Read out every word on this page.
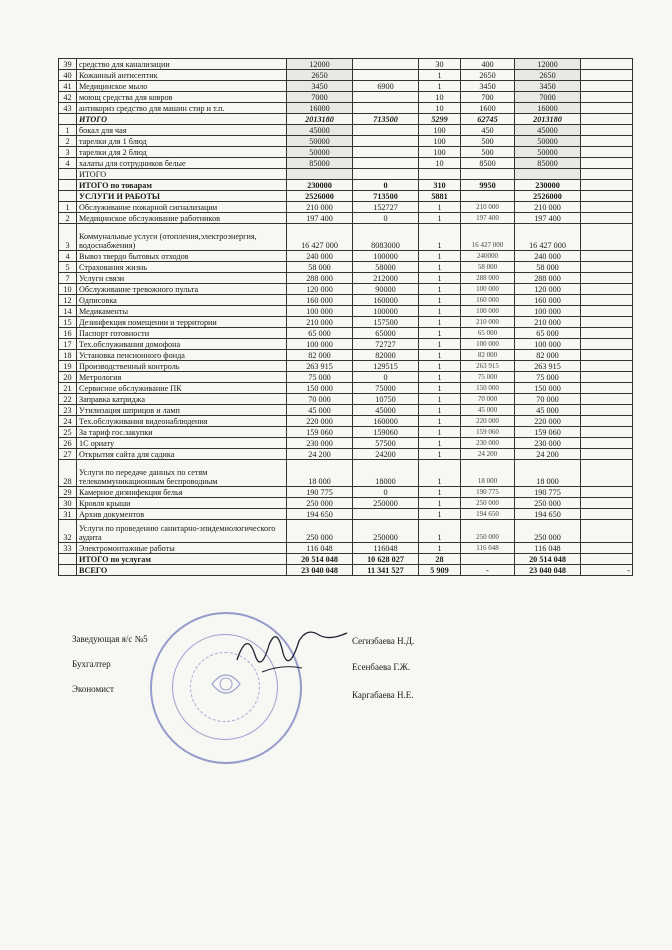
39	средство для канализации	12000		30	400	12000	
40	Кожанный антисептик	2650		1	2650	2650	
41	Медицинское мыло	3450	6900	1	3450	3450	
42	моющ средства для ковров	7000		10	700	7000	
43	антикориз средство для машин стир и т.п.	16000		10	1600	16000	
	ИТОГО	2013180	713500	5299	62745	2013180	
1	бокал для чая	45000		100	450	45000	
2	тарелки для 1 блюд	50000		100	500	50000	
3	тарелки для 2 блюд	50000		100	500	50000	
4	халаты для сотрудников белые	85000		10	8500	85000	
	ИТОГО						
	ИТОГО по товарам	230000	0	310	9950	230000	
	УСЛУГИ И РАБОТЫ	2526000	713500	5881		2526000	
1	Обслуживание пожарной сигнализации	210 000	152727	1	210 000	210 000	
2	Медицинское обслуживание работников	197 400	0	1	197 400	197 400	
3	Коммунальные услуги (отопления,электроэнергия, водоснабжения)	16 427 000	8083000	1	16 427 000	16 427 000	
4	Вывоз твердо бытовых отходов	240 000	100000	1	240000	240 000	
5	Страхования жизнь	58 000	58000	1	58 000	58 000	
7	Услуги связи	288 000	212000	1	288 000	288 000	
10	Обслуживание тревожного пульта	120 000	90000	1	100 000	120 000	
12	Одписовка	160 000	160000	1	160 000	160 000	
14	Медикаменты	100 000	100000	1	100 000	100 000	
15	Дезинфекция помещении и территории	210 000	157500	1	210 000	210 000	
16	Паспорт готовности	65 000	65000	1	65 000	65 000	
17	Тех.обслуживания домофона	100 000	72727	1	100 000	100 000	
18	Установка пенсионного фонда	82 000	82000	1	82 000	82 000	
19	Производственный контроль	263 915	129515	1	263 915	263 915	
20	Метрология	75 000	0	1	75 000	75 000	
21	Сервисное обслуживание ПК	150 000	75000	1	150 000	150 000	
22	Заправка катриджа	70 000	10750	1	70 000	70 000	
23	Утилизация шприцов и ламп	45 000	45000	1	45 000	45 000	
24	Тех.обслуживания видеонаблюдения	220 000	160000	1	220 000	220 000	
25	За тариф гос.закупки	159 060	159060	1	159 060	159 060	
26	1С ориату	230 000	57500	1	230 000	230 000	
27	Открытия сайта для садика	24 200	24200	1	24 200	24 200	
28	Услуги по передаче данных по сетям телекоммуникационным беспроводным	18 000	18000	1	18 000	18 000	
29	Камерное дизинфекция белья	190 775	0	1	190 775	190 775	
30	Кровля крыши	250 000	250000	1	250 000	250 000	
31	Архив документов	194 650		1	194 650	194 650	
32	Услуги по проведению санитарно-эпидемиологического аудита	250 000	250000	1	250 000	250 000	
33	Электромонтажные работы	116 048	116048	1	116 048	116 048	
	ИТОГО по услугам	20 514 048	10 628 027	28		20 514 048	
	ВСЕГО	23 040 048	11 341 527	5 909	-	23 040 048	-
Заведующая я/с №5	Сегизбаева Н.Д.
Бухгалтер	Есенбаева Г.Ж.
Экономист
Каргабаева Н.Е.
